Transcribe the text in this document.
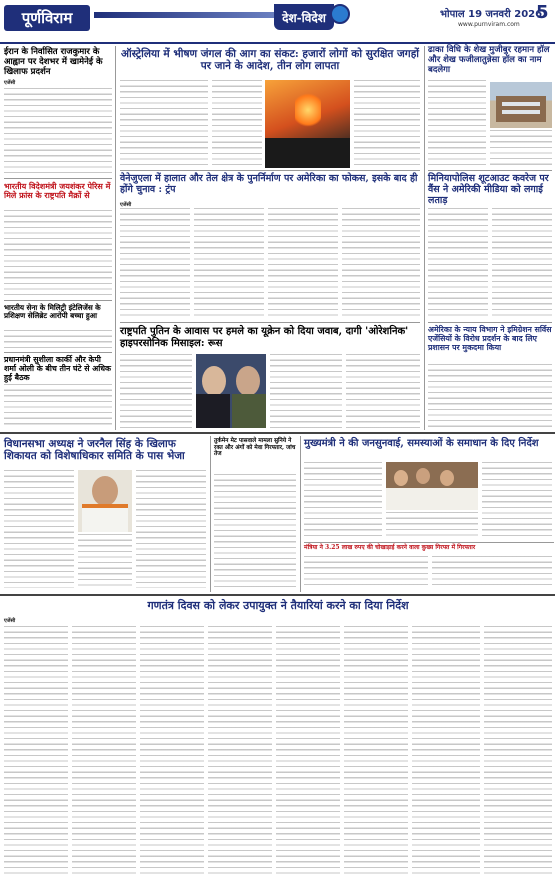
पूर्णविराम	देश-विदेश	भोपाल 19 जनवरी 2026
www.purnviram.com
5
ईरान के निर्वासित राजकुमार के आह्वान पर देशभर में खामेनेई के खिलाफ प्रदर्शन
एजेंसी
भारतीय विदेशमंत्री जयशंकर पेरिस में मिले फ्रांस के राष्ट्रपति मैक्रों से
भारतीय सेना के मिलिट्री इंटेलिजेंस के प्रशिक्षण सेलिब्रेट आरोपी बच्चा हुआ
प्रधानमंत्री सुशीला कार्की और केपी शर्मा ओली के बीच तीन घंटे से अधिक हुई बैठक
ऑस्ट्रेलिया में भीषण जंगल की आग का संकट: हजारों लोगों को सुरक्षित जगहों पर जाने के आदेश, तीन लोग लापता
वेनेजुएला में हालात और तेल क्षेत्र के पुनर्निर्माण पर अमेरिका का फोकस, इसके बाद ही होंगे चुनाव : ट्रंप
एजेंसी
राष्ट्रपति पुतिन के आवास पर हमले का यूक्रेन को दिया जवाब, दागी 'ओरेशनिक' हाइपरसोनिक मिसाइल: रूस
ढाका विधि के शेख मुजीबुर रहमान हॉल और शेख फजीलातुन्नेसा हॉल का नाम बदलेगा
मिनियापोलिस शूटआउट कवरेज पर वैंस ने अमेरिकी मीडिया को लगाई लताड़
अमेरिका के न्याय विभाग ने इमिग्रेशन सर्विस एजेंसियों के विरोध प्रदर्शन के बाद लिए प्रशासन पर मुकदमा किया
विधानसभा अध्यक्ष ने जरनैल सिंह के खिलाफ शिकायत को विशेषाधिकार समिति के पास भेजा
तुर्कमेन मेट पासवाले मामला सुनिये ने रक्त और अंगों को मेवा गिरफ्तार, जांच तेज
मुख्यमंत्री ने की जनसुनवाई, समस्याओं के समाधान के दिए निर्देश
मंत्रिया ने 3.25 लाख रुपए की चोखाड़ाई करने वाला कुख्य गिरफ्त में गिरफ्तार
गणतंत्र दिवस को लेकर उपायुक्त ने तैयारियां करने का दिया निर्देश
एजेंसी
